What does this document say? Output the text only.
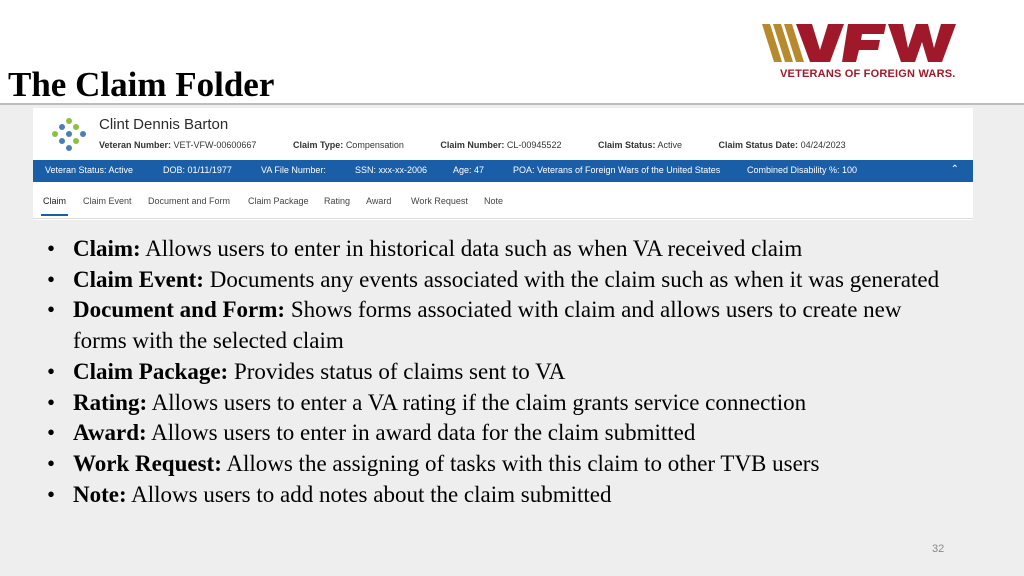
The Claim Folder	VETERANS OF FOREIGN WARS.
Clint Dennis Barton
Veteran Number: VET-VFW-00600667	Claim Type: Compensation	Claim Number: CL-00945522	Claim Status: Active	Claim Status Date: 04/24/2023
Veteran Status: Active	DOB: 01/11/1977	VA File Number:	SSN: xxx-xx-2006	Age: 47	POA: Veterans of Foreign Wars of the United States	Combined Disability %: 100	⌃
Claim Claim Event Document and Form Claim Package Rating Award Work Request Note
• Claim: Allows users to enter in historical data such as when VA received claim
• Claim Event: Documents any events associated with the claim such as when it was generated
• Document and Form: Shows forms associated with claim and allows users to create new forms with the selected claim
• Claim Package: Provides status of claims sent to VA
• Rating: Allows users to enter a VA rating if the claim grants service connection
• Award: Allows users to enter in award data for the claim submitted
• Work Request: Allows the assigning of tasks with this claim to other TVB users
• Note: Allows users to add notes about the claim submitted
32
